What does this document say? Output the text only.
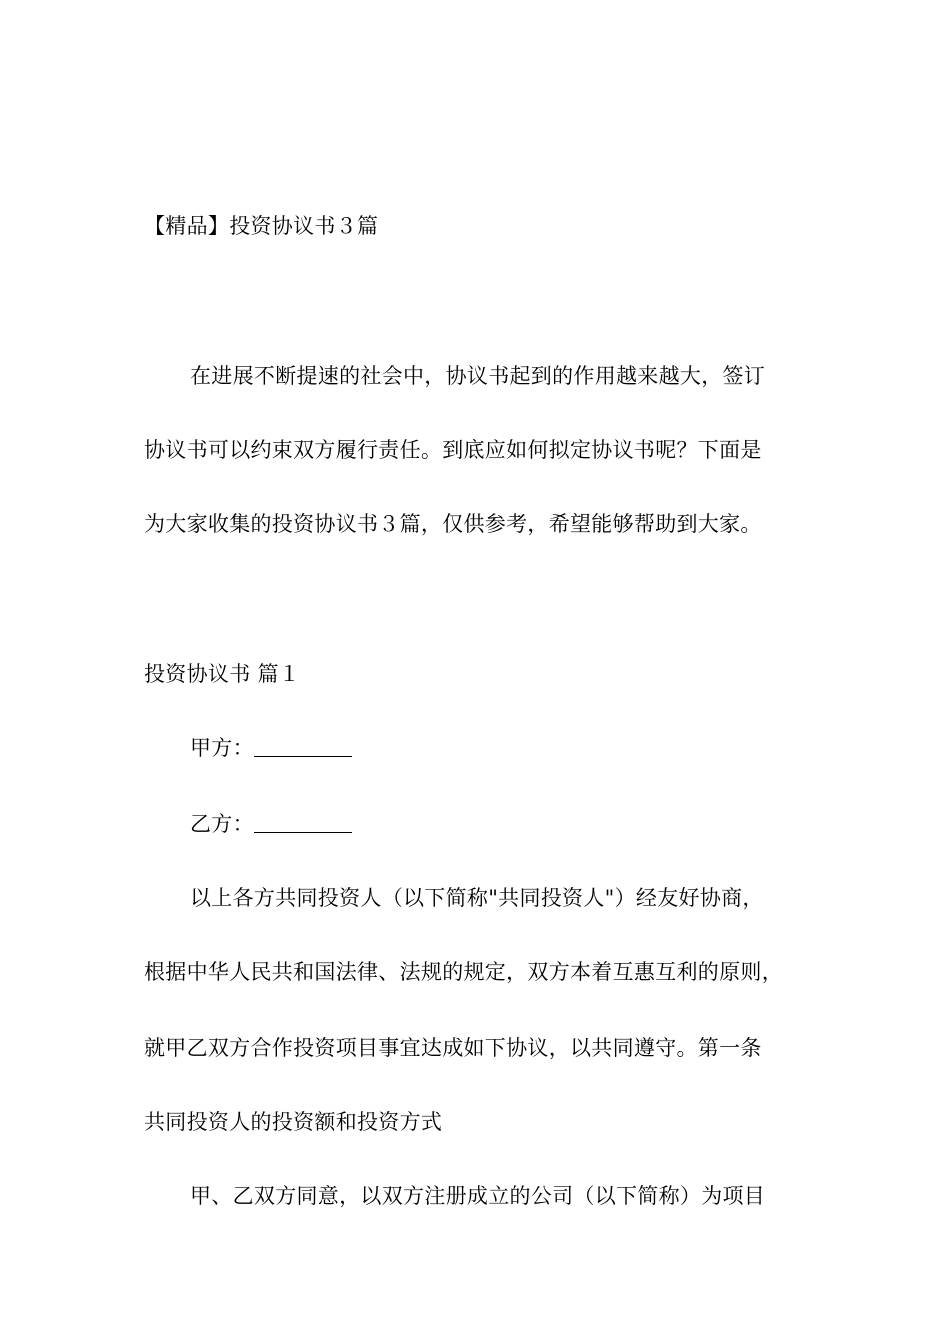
【精品】投资协议书３篇
在进展不断提速的社会中，协议书起到的作用越来越大，签订
协议书可以约束双方履行责任。到底应如何拟定协议书呢？下面是
为大家收集的投资协议书３篇，仅供参考，希望能够帮助到大家。
投资协议书 篇１
甲方：
乙方：
以上各方共同投资人（以下简称"共同投资人"）经友好协商，
根据中华人民共和国法律、法规的规定，双方本着互惠互利的原则，
就甲乙双方合作投资项目事宜达成如下协议，以共同遵守。第一条
共同投资人的投资额和投资方式
甲、乙双方同意，以双方注册成立的公司（以下简称）为项目
